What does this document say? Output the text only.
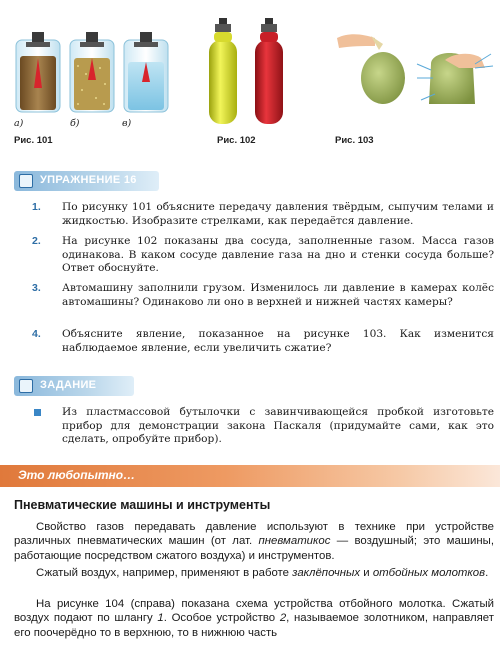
а)	б)	в)
Рис. 101	Рис. 102	Рис. 103
УПРАЖНЕНИЕ 16
1. По рисунку 101 объясните передачу давления твёрдым, сыпучим телами и жидкостью. Изобразите стрелками, как передаётся давление.
2. На рисунке 102 показаны два сосуда, заполненные газом. Масса газов одинакова. В каком сосуде давление газа на дно и стенки сосуда больше? Ответ обоснуйте.
3. Автомашину заполнили грузом. Изменилось ли давление в камерах колёс автомашины? Одинаково ли оно в верхней и нижней частях камеры?
4. Объясните явление, показанное на рисунке 103. Как изменится наблюдаемое явление, если увеличить сжатие?
ЗАДАНИЕ
Из пластмассовой бутылочки с завинчивающейся пробкой изготовьте прибор для демонстрации закона Паскаля (придумайте сами, как это сделать, опробуйте прибор).
Это любопытно…
Пневматические машины и инструменты
Свойство газов передавать давление используют в технике при устройстве различных пневматических машин (от лат. пневматикос — воздушный; это машины, работающие посредством сжатого воздуха) и инструментов.
Сжатый воздух, например, применяют в работе заклёпочных и отбойных молотков.
На рисунке 104 (справа) показана схема устройства отбойного молотка. Сжатый воздух подают по шлангу 1. Особое устройство 2, называемое золотником, направляет его поочерёдно то в верхнюю, то в нижнюю часть
